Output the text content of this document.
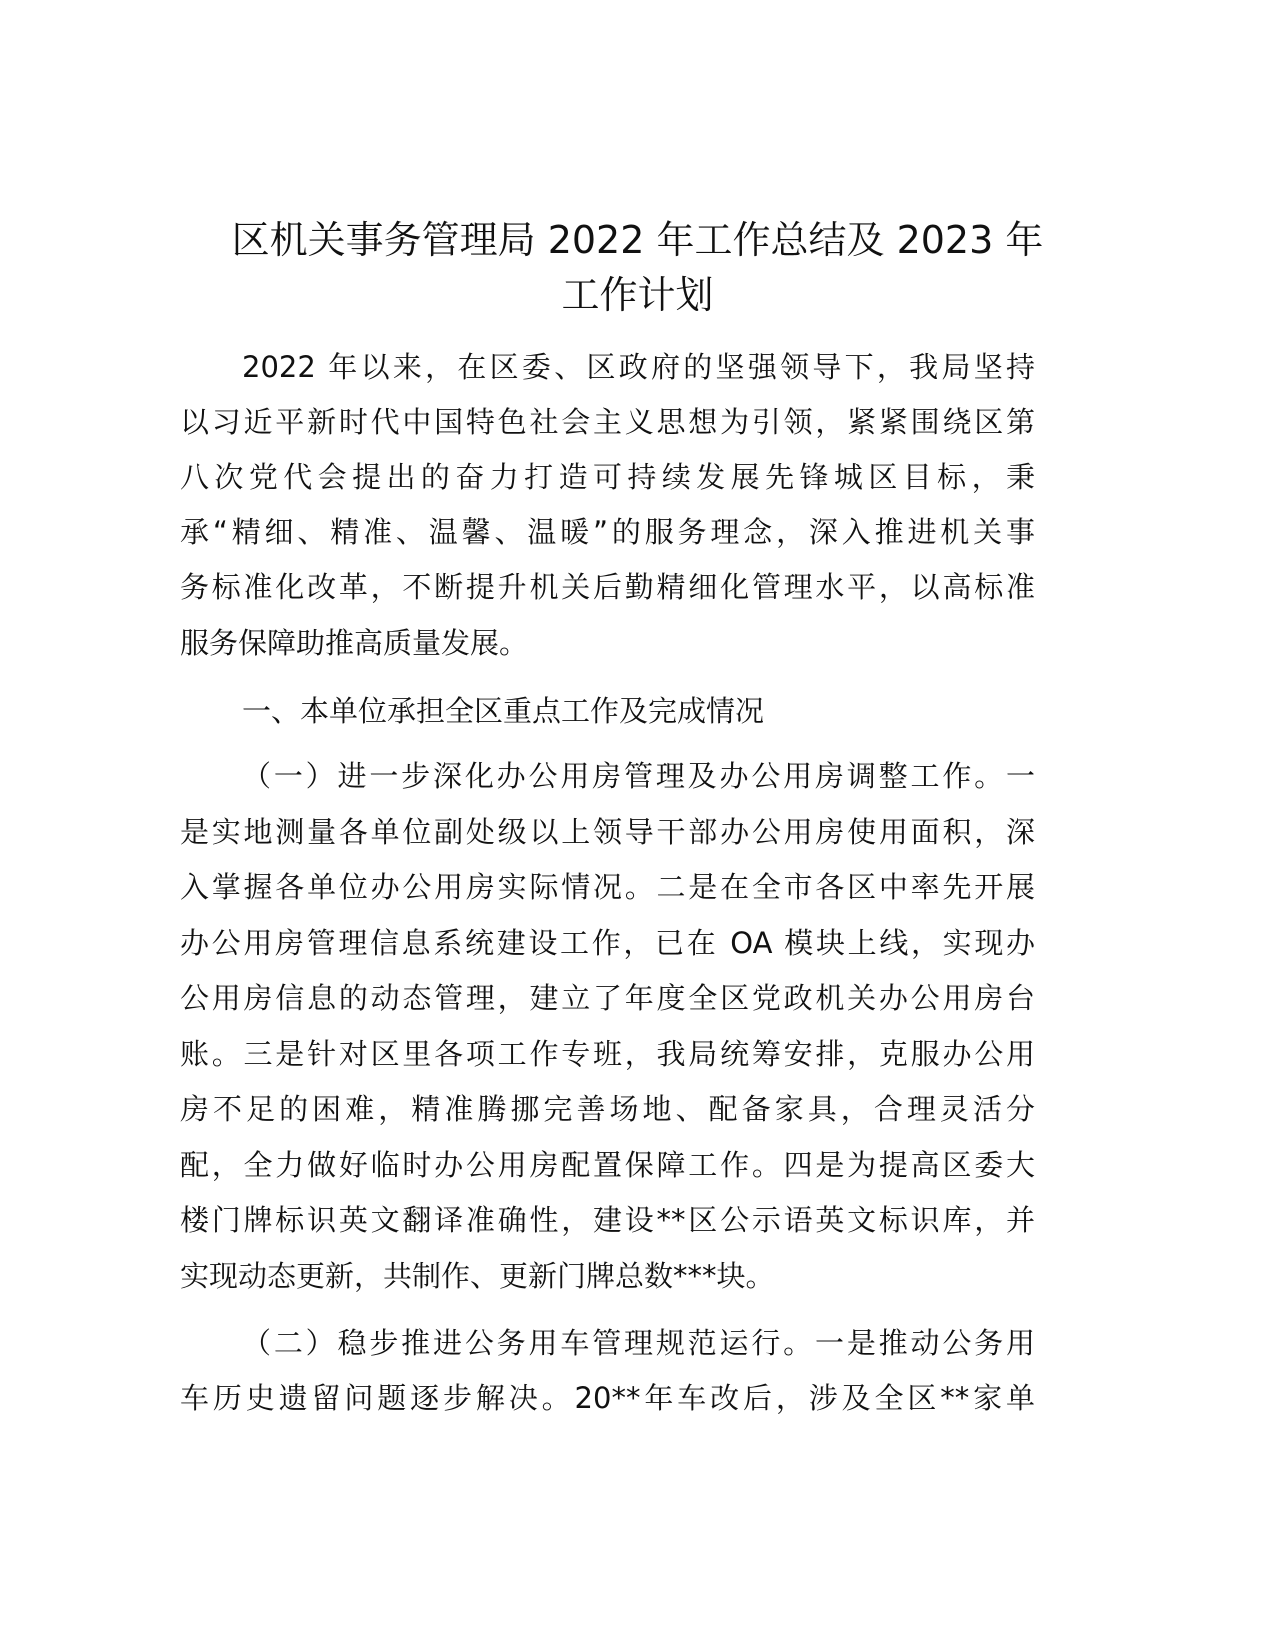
区机关事务管理局 2022 年工作总结及 2023 年
工作计划
2022 年以来，在区委、区政府的坚强领导下，我局坚持
以习近平新时代中国特色社会主义思想为引领，紧紧围绕区第
八次党代会提出的奋力打造可持续发展先锋城区目标，秉
承“精细、精准、温馨、温暖”的服务理念，深入推进机关事
务标准化改革，不断提升机关后勤精细化管理水平，以高标准
服务保障助推高质量发展。
一、本单位承担全区重点工作及完成情况
（一）进一步深化办公用房管理及办公用房调整工作。一
是实地测量各单位副处级以上领导干部办公用房使用面积，深
入掌握各单位办公用房实际情况。二是在全市各区中率先开展
办公用房管理信息系统建设工作，已在 OA 模块上线，实现办
公用房信息的动态管理，建立了年度全区党政机关办公用房台
账。三是针对区里各项工作专班，我局统筹安排，克服办公用
房不足的困难，精准腾挪完善场地、配备家具，合理灵活分
配，全力做好临时办公用房配置保障工作。四是为提高区委大
楼门牌标识英文翻译准确性，建设**区公示语英文标识库，并
实现动态更新，共制作、更新门牌总数***块。
（二）稳步推进公务用车管理规范运行。一是推动公务用
车历史遗留问题逐步解决。20**年车改后，涉及全区**家单
